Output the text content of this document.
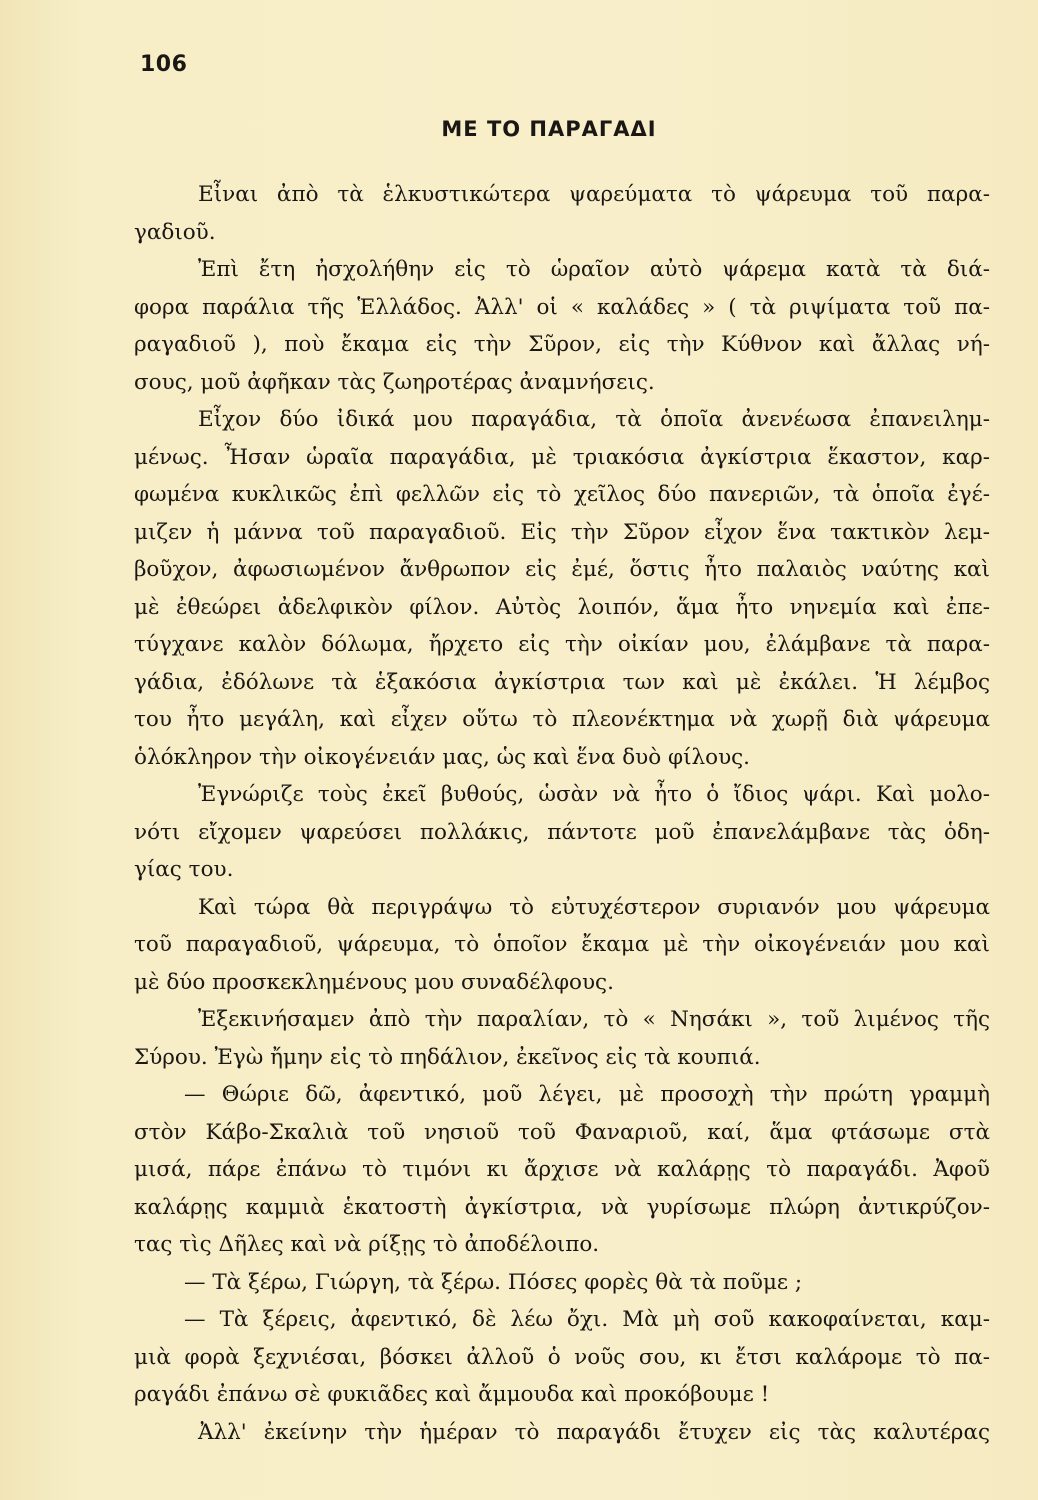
106
ΜΕ ΤΟ ΠΑΡΑΓΑΔΙ
Εἶναι ἀπὸ τὰ ἑλκυστικώτερα ψαρεύματα τὸ ψάρευμα τοῦ παρα-
γαδιοῦ.
Ἐπὶ ἔτη ἠσχολήθην εἰς τὸ ὡραῖον αὐτὸ ψάρεμα κατὰ τὰ διά-
φορα παράλια τῆς Ἑλλάδος. Ἀλλ' οἱ « καλάδες » ( τὰ ριψίματα τοῦ πα-
ραγαδιοῦ ), ποὺ ἔκαμα εἰς τὴν Σῦρον, εἰς τὴν Κύθνον καὶ ἄλλας νή-
σους, μοῦ ἀφῆκαν τὰς ζωηροτέρας ἀναμνήσεις.
Εἶχον δύο ἰδικά μου παραγάδια, τὰ ὁποῖα ἀνενέωσα ἐπανειλημ-
μένως. Ἦσαν ὡραῖα παραγάδια, μὲ τριακόσια ἀγκίστρια ἕκαστον, καρ-
φωμένα κυκλικῶς ἐπὶ φελλῶν εἰς τὸ χεῖλος δύο πανεριῶν, τὰ ὁποῖα ἐγέ-
μιζεν ἡ μάννα τοῦ παραγαδιοῦ. Εἰς τὴν Σῦρον εἶχον ἕνα τακτικὸν λεμ-
βοῦχον, ἀφωσιωμένον ἄνθρωπον εἰς ἐμέ, ὅστις ἦτο παλαιὸς ναύτης καὶ
μὲ ἐθεώρει ἀδελφικὸν φίλον. Αὐτὸς λοιπόν, ἅμα ἦτο νηνεμία καὶ ἐπε-
τύγχανε καλὸν δόλωμα, ἤρχετο εἰς τὴν οἰκίαν μου, ἐλάμβανε τὰ παρα-
γάδια, ἐδόλωνε τὰ ἑξακόσια ἀγκίστρια των καὶ μὲ ἐκάλει. Ἡ λέμβος
του ἦτο μεγάλη, καὶ εἶχεν οὕτω τὸ πλεονέκτημα νὰ χωρῇ διὰ ψάρευμα
ὁλόκληρον τὴν οἰκογένειάν μας, ὡς καὶ ἕνα δυὸ φίλους.
Ἐγνώριζε τοὺς ἐκεῖ βυθούς, ὡσὰν νὰ ἦτο ὁ ἴδιος ψάρι. Καὶ μολο-
νότι εἴχομεν ψαρεύσει πολλάκις, πάντοτε μοῦ ἐπανελάμβανε τὰς ὁδη-
γίας του.
Καὶ τώρα θὰ περιγράψω τὸ εὐτυχέστερον συριανόν μου ψάρευμα
τοῦ παραγαδιοῦ, ψάρευμα, τὸ ὁποῖον ἔκαμα μὲ τὴν οἰκογένειάν μου καὶ
μὲ δύο προσκεκλημένους μου συναδέλφους.
Ἐξεκινήσαμεν ἀπὸ τὴν παραλίαν, τὸ « Νησάκι », τοῦ λιμένος τῆς
Σύρου. Ἐγὼ ἤμην εἰς τὸ πηδάλιον, ἐκεῖνος εἰς τὰ κουπιά.
— Θώριε δῶ, ἀφεντικό, μοῦ λέγει, μὲ προσοχὴ τὴν πρώτη γραμμὴ
στὸν Κάβο-Σκαλιὰ τοῦ νησιοῦ τοῦ Φαναριοῦ, καί, ἅμα φτάσωμε στὰ
μισά, πάρε ἐπάνω τὸ τιμόνι κι ἄρχισε νὰ καλάρῃς τὸ παραγάδι. Ἀφοῦ
καλάρῃς καμμιὰ ἑκατοστὴ ἀγκίστρια, νὰ γυρίσωμε πλώρη ἀντικρύζον-
τας τὶς Δῆλες καὶ νὰ ρίξῃς τὸ ἀποδέλοιπο.
— Τὰ ξέρω, Γιώργη, τὰ ξέρω. Πόσες φορὲς θὰ τὰ ποῦμε ;
— Τὰ ξέρεις, ἀφεντικό, δὲ λέω ὄχι. Μὰ μὴ σοῦ κακοφαίνεται, καμ-
μιὰ φορὰ ξεχνιέσαι, βόσκει ἀλλοῦ ὁ νοῦς σου, κι ἔτσι καλάρομε τὸ πα-
ραγάδι ἐπάνω σὲ φυκιᾶδες καὶ ἄμμουδα καὶ προκόβουμε !
Ἀλλ' ἐκείνην τὴν ἡμέραν τὸ παραγάδι ἔτυχεν εἰς τὰς καλυτέρας
